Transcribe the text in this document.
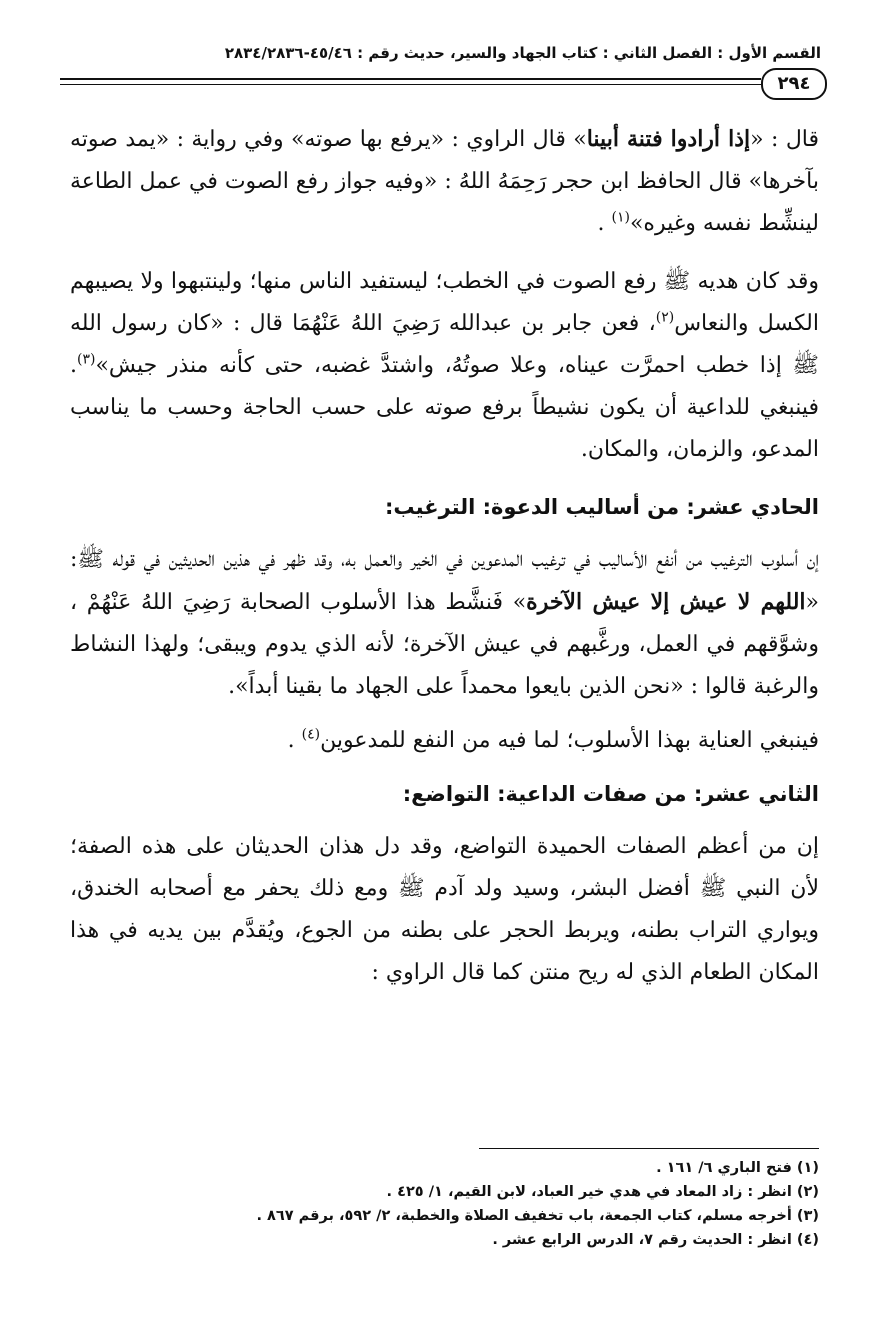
القسم الأول : الفصل الثاني : كتاب الجهاد والسير، حديث رقم : ٤٥/٤٦-٢٨٣٤/٢٨٣٦
٢٩٤

قال : «إذا أرادوا فتنة أبينا» قال الراوي : «يرفع بها صوته» وفي رواية : «يمد صوته بآخرها» قال الحافظ ابن حجر رَحِمَهُ اللهُ : «وفيه جواز رفع الصوت في عمل الطاعة لينشِّط نفسه وغيره»$^{(١)}$ .

وقد كان هديه ﷺ رفع الصوت في الخطب؛ ليستفيد الناس منها؛ ولينتبهوا ولا يصيبهم الكسل والنعاس$^{(٢)}$، فعن جابر بن عبدالله رَضِيَ اللهُ عَنْهُمَا قال : «كان رسول الله ﷺ إذا خطب احمرَّت عيناه، وعلا صوتُهُ، واشتدَّ غضبه، حتى كأنه منذر جيش»$^{(٣)}$. فينبغي للداعية أن يكون نشيطاً برفع صوته على حسب الحاجة وحسب ما يناسب المدعو، والزمان، والمكان.

الحادي عشر: من أساليب الدعوة: الترغيب:

إن أسلوب الترغيب من أنفع الأساليب في ترغيب المدعوين في الخير والعمل به، وقد ظهر في هذين الحديثين في قوله ﷺ: «اللهم لا عيش إلا عيش الآخرة» فَنشَّط هذا الأسلوب الصحابة رَضِيَ اللهُ عَنْهُمْ ، وشوَّقهم في العمل، ورغَّبهم في عيش الآخرة؛ لأنه الذي يدوم ويبقى؛ ولهذا النشاط والرغبة قالوا : «نحن الذين بايعوا محمداً على الجهاد ما بقينا أبداً».

فينبغي العناية بهذا الأسلوب؛ لما فيه من النفع للمدعوين$^{(٤)}$ .

الثاني عشر: من صفات الداعية: التواضع:

إن من أعظم الصفات الحميدة التواضع، وقد دل هذان الحديثان على هذه الصفة؛ لأن النبي ﷺ أفضل البشر، وسيد ولد آدم ﷺ ومع ذلك يحفر مع أصحابه الخندق، ويواري التراب بطنه، ويربط الحجر على بطنه من الجوع، ويُقدَّم بين يديه في هذا المكان الطعام الذي له ريح منتن كما قال الراوي :

(١) فتح الباري ٦/ ١٦١ .

(٢) انظر : زاد المعاد في هدي خير العباد، لابن القيم، ١/ ٤٢٥ .

(٣) أخرجه مسلم، كتاب الجمعة، باب تخفيف الصلاة والخطبة، ٢/ ٥٩٢، برقم ٨٦٧ .

(٤) انظر : الحديث رقم ٧، الدرس الرابع عشر .
